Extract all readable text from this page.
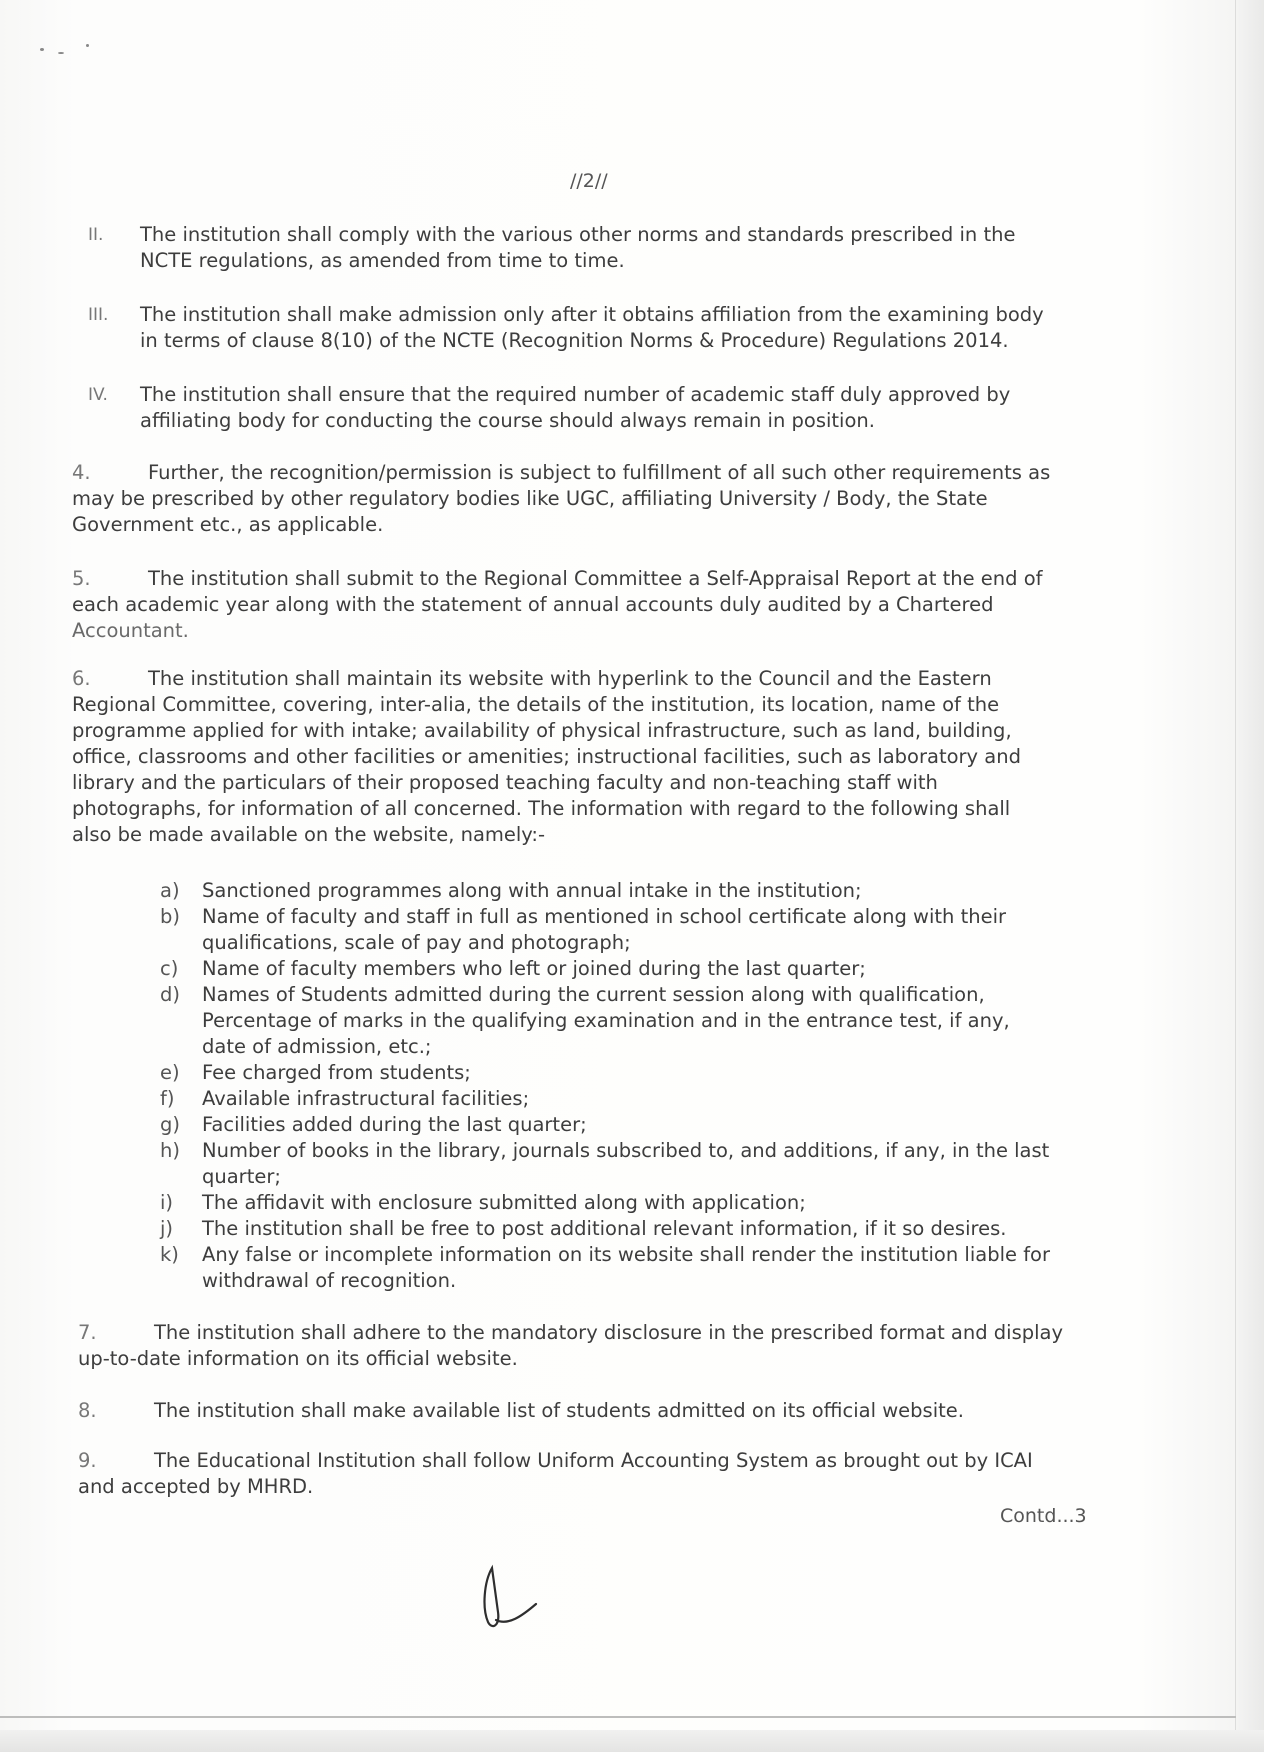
//2//
II. The institution shall comply with the various other norms and standards prescribed in the
NCTE regulations, as amended from time to time.
III. The institution shall make admission only after it obtains affiliation from the examining body
in terms of clause 8(10) of the NCTE (Recognition Norms & Procedure) Regulations 2014.
IV. The institution shall ensure that the required number of academic staff duly approved by
affiliating body for conducting the course should always remain in position.
4.	Further, the recognition/permission is subject to fulfillment of all such other requirements as
may be prescribed by other regulatory bodies like UGC, affiliating University / Body, the State
Government etc., as applicable.
5.	The institution shall submit to the Regional Committee a Self-Appraisal Report at the end of
each academic year along with the statement of annual accounts duly audited by a Chartered
Accountant.
6.	The institution shall maintain its website with hyperlink to the Council and the Eastern
Regional Committee, covering, inter-alia, the details of the institution, its location, name of the
programme applied for with intake; availability of physical infrastructure, such as land, building,
office, classrooms and other facilities or amenities; instructional facilities, such as laboratory and
library and the particulars of their proposed teaching faculty and non-teaching staff with
photographs, for information of all concerned. The information with regard to the following shall
also be made available on the website, namely:-
a) Sanctioned programmes along with annual intake in the institution;
b) Name of faculty and staff in full as mentioned in school certificate along with their
qualifications, scale of pay and photograph;
c) Name of faculty members who left or joined during the last quarter;
d) Names of Students admitted during the current session along with qualification,
Percentage of marks in the qualifying examination and in the entrance test, if any,
date of admission, etc.;
e) Fee charged from students;
f) Available infrastructural facilities;
g) Facilities added during the last quarter;
h) Number of books in the library, journals subscribed to, and additions, if any, in the last
quarter;
i) The affidavit with enclosure submitted along with application;
j) The institution shall be free to post additional relevant information, if it so desires.
k) Any false or incomplete information on its website shall render the institution liable for
withdrawal of recognition.
7.	The institution shall adhere to the mandatory disclosure in the prescribed format and display
up-to-date information on its official website.
8.	The institution shall make available list of students admitted on its official website.
9.	The Educational Institution shall follow Uniform Accounting System as brought out by ICAI
and accepted by MHRD.
Contd...3
